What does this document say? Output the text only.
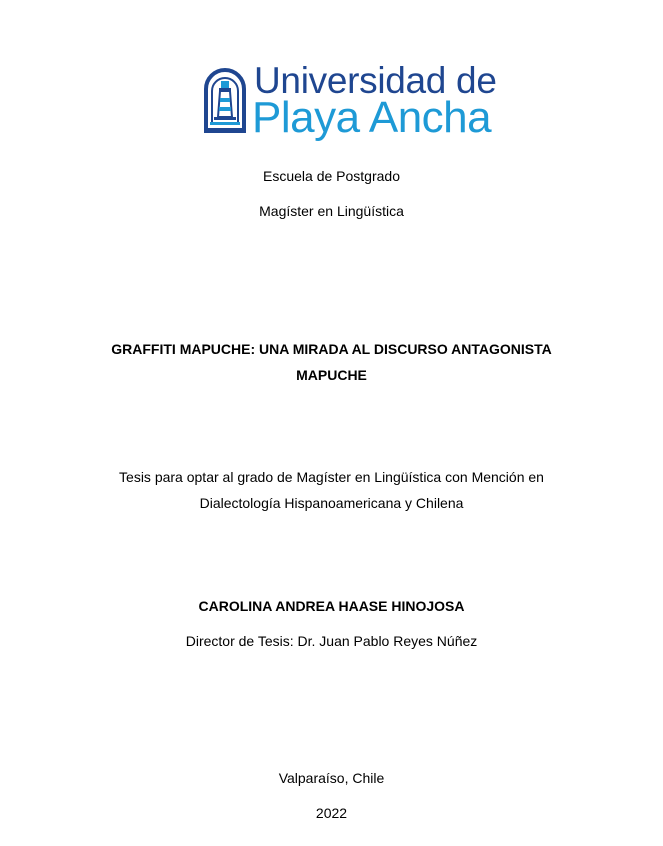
Universidad de
Playa Ancha
Escuela de Postgrado
Magíster en Lingüística
GRAFFITI MAPUCHE: UNA MIRADA AL DISCURSO ANTAGONISTA
MAPUCHE
Tesis para optar al grado de Magíster en Lingüística con Mención en
Dialectología Hispanoamericana y Chilena
CAROLINA ANDREA HAASE HINOJOSA
Director de Tesis: Dr. Juan Pablo Reyes Núñez
Valparaíso, Chile
2022
